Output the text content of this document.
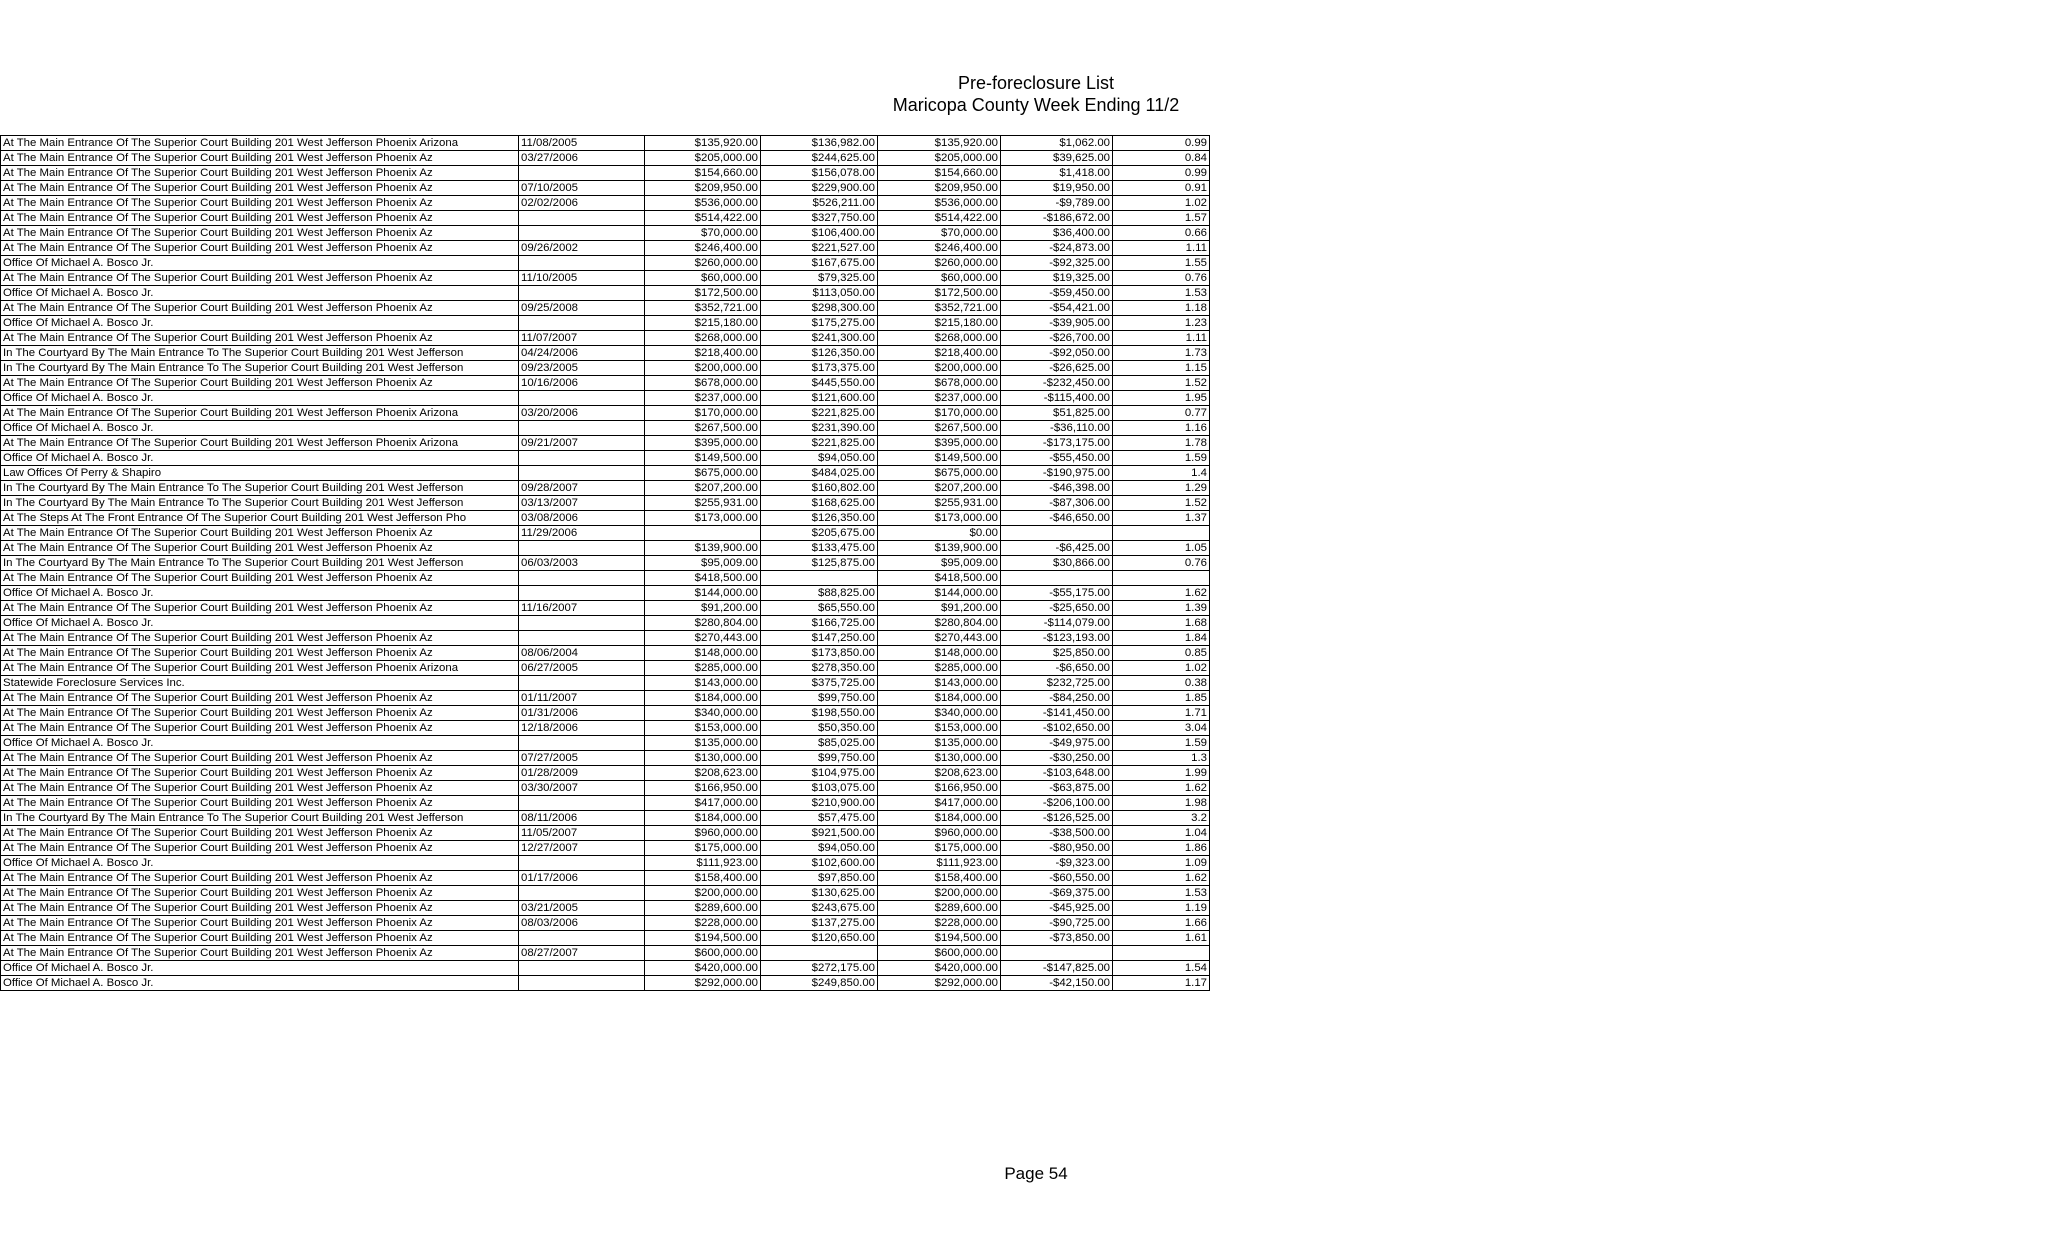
Pre-foreclosure List
Maricopa County Week Ending 11/2
At The Main Entrance Of The Superior Court Building 201 West Jefferson Phoenix Arizona	11/08/2005	$135,920.00	$136,982.00	$135,920.00	$1,062.00	0.99
At The Main Entrance Of The Superior Court Building 201 West Jefferson Phoenix Az	03/27/2006	$205,000.00	$244,625.00	$205,000.00	$39,625.00	0.84
At The Main Entrance Of The Superior Court Building 201 West Jefferson Phoenix Az		$154,660.00	$156,078.00	$154,660.00	$1,418.00	0.99
At The Main Entrance Of The Superior Court Building 201 West Jefferson Phoenix Az	07/10/2005	$209,950.00	$229,900.00	$209,950.00	$19,950.00	0.91
At The Main Entrance Of The Superior Court Building 201 West Jefferson Phoenix Az	02/02/2006	$536,000.00	$526,211.00	$536,000.00	-$9,789.00	1.02
At The Main Entrance Of The Superior Court Building 201 West Jefferson Phoenix Az		$514,422.00	$327,750.00	$514,422.00	-$186,672.00	1.57
At The Main Entrance Of The Superior Court Building 201 West Jefferson Phoenix Az		$70,000.00	$106,400.00	$70,000.00	$36,400.00	0.66
At The Main Entrance Of The Superior Court Building 201 West Jefferson Phoenix Az	09/26/2002	$246,400.00	$221,527.00	$246,400.00	-$24,873.00	1.11
Office Of Michael A. Bosco Jr.		$260,000.00	$167,675.00	$260,000.00	-$92,325.00	1.55
At The Main Entrance Of The Superior Court Building 201 West Jefferson Phoenix Az	11/10/2005	$60,000.00	$79,325.00	$60,000.00	$19,325.00	0.76
Office Of Michael A. Bosco Jr.		$172,500.00	$113,050.00	$172,500.00	-$59,450.00	1.53
At The Main Entrance Of The Superior Court Building 201 West Jefferson Phoenix Az	09/25/2008	$352,721.00	$298,300.00	$352,721.00	-$54,421.00	1.18
Office Of Michael A. Bosco Jr.		$215,180.00	$175,275.00	$215,180.00	-$39,905.00	1.23
At The Main Entrance Of The Superior Court Building 201 West Jefferson Phoenix Az	11/07/2007	$268,000.00	$241,300.00	$268,000.00	-$26,700.00	1.11
In The Courtyard By The Main Entrance To The Superior Court Building 201 West Jefferson	04/24/2006	$218,400.00	$126,350.00	$218,400.00	-$92,050.00	1.73
In The Courtyard By The Main Entrance To The Superior Court Building 201 West Jefferson	09/23/2005	$200,000.00	$173,375.00	$200,000.00	-$26,625.00	1.15
At The Main Entrance Of The Superior Court Building 201 West Jefferson Phoenix Az	10/16/2006	$678,000.00	$445,550.00	$678,000.00	-$232,450.00	1.52
Office Of Michael A. Bosco Jr.		$237,000.00	$121,600.00	$237,000.00	-$115,400.00	1.95
At The Main Entrance Of The Superior Court Building 201 West Jefferson Phoenix Arizona	03/20/2006	$170,000.00	$221,825.00	$170,000.00	$51,825.00	0.77
Office Of Michael A. Bosco Jr.		$267,500.00	$231,390.00	$267,500.00	-$36,110.00	1.16
At The Main Entrance Of The Superior Court Building 201 West Jefferson Phoenix Arizona	09/21/2007	$395,000.00	$221,825.00	$395,000.00	-$173,175.00	1.78
Office Of Michael A. Bosco Jr.		$149,500.00	$94,050.00	$149,500.00	-$55,450.00	1.59
Law Offices Of Perry & Shapiro		$675,000.00	$484,025.00	$675,000.00	-$190,975.00	1.4
In The Courtyard By The Main Entrance To The Superior Court Building 201 West Jefferson	09/28/2007	$207,200.00	$160,802.00	$207,200.00	-$46,398.00	1.29
In The Courtyard By The Main Entrance To The Superior Court Building 201 West Jefferson	03/13/2007	$255,931.00	$168,625.00	$255,931.00	-$87,306.00	1.52
At The Steps At The Front Entrance Of The Superior Court Building 201 West Jefferson Pho	03/08/2006	$173,000.00	$126,350.00	$173,000.00	-$46,650.00	1.37
At The Main Entrance Of The Superior Court Building 201 West Jefferson Phoenix Az	11/29/2006		$205,675.00	$0.00		
At The Main Entrance Of The Superior Court Building 201 West Jefferson Phoenix Az		$139,900.00	$133,475.00	$139,900.00	-$6,425.00	1.05
In The Courtyard By The Main Entrance To The Superior Court Building 201 West Jefferson	06/03/2003	$95,009.00	$125,875.00	$95,009.00	$30,866.00	0.76
At The Main Entrance Of The Superior Court Building 201 West Jefferson Phoenix Az		$418,500.00		$418,500.00		
Office Of Michael A. Bosco Jr.		$144,000.00	$88,825.00	$144,000.00	-$55,175.00	1.62
At The Main Entrance Of The Superior Court Building 201 West Jefferson Phoenix Az	11/16/2007	$91,200.00	$65,550.00	$91,200.00	-$25,650.00	1.39
Office Of Michael A. Bosco Jr.		$280,804.00	$166,725.00	$280,804.00	-$114,079.00	1.68
At The Main Entrance Of The Superior Court Building 201 West Jefferson Phoenix Az		$270,443.00	$147,250.00	$270,443.00	-$123,193.00	1.84
At The Main Entrance Of The Superior Court Building 201 West Jefferson Phoenix Az	08/06/2004	$148,000.00	$173,850.00	$148,000.00	$25,850.00	0.85
At The Main Entrance Of The Superior Court Building 201 West Jefferson Phoenix Arizona	06/27/2005	$285,000.00	$278,350.00	$285,000.00	-$6,650.00	1.02
Statewide Foreclosure Services Inc.		$143,000.00	$375,725.00	$143,000.00	$232,725.00	0.38
At The Main Entrance Of The Superior Court Building 201 West Jefferson Phoenix Az	01/11/2007	$184,000.00	$99,750.00	$184,000.00	-$84,250.00	1.85
At The Main Entrance Of The Superior Court Building 201 West Jefferson Phoenix Az	01/31/2006	$340,000.00	$198,550.00	$340,000.00	-$141,450.00	1.71
At The Main Entrance Of The Superior Court Building 201 West Jefferson Phoenix Az	12/18/2006	$153,000.00	$50,350.00	$153,000.00	-$102,650.00	3.04
Office Of Michael A. Bosco Jr.		$135,000.00	$85,025.00	$135,000.00	-$49,975.00	1.59
At The Main Entrance Of The Superior Court Building 201 West Jefferson Phoenix Az	07/27/2005	$130,000.00	$99,750.00	$130,000.00	-$30,250.00	1.3
At The Main Entrance Of The Superior Court Building 201 West Jefferson Phoenix Az	01/28/2009	$208,623.00	$104,975.00	$208,623.00	-$103,648.00	1.99
At The Main Entrance Of The Superior Court Building 201 West Jefferson Phoenix Az	03/30/2007	$166,950.00	$103,075.00	$166,950.00	-$63,875.00	1.62
At The Main Entrance Of The Superior Court Building 201 West Jefferson Phoenix Az		$417,000.00	$210,900.00	$417,000.00	-$206,100.00	1.98
In The Courtyard By The Main Entrance To The Superior Court Building 201 West Jefferson	08/11/2006	$184,000.00	$57,475.00	$184,000.00	-$126,525.00	3.2
At The Main Entrance Of The Superior Court Building 201 West Jefferson Phoenix Az	11/05/2007	$960,000.00	$921,500.00	$960,000.00	-$38,500.00	1.04
At The Main Entrance Of The Superior Court Building 201 West Jefferson Phoenix Az	12/27/2007	$175,000.00	$94,050.00	$175,000.00	-$80,950.00	1.86
Office Of Michael A. Bosco Jr.		$111,923.00	$102,600.00	$111,923.00	-$9,323.00	1.09
At The Main Entrance Of The Superior Court Building 201 West Jefferson Phoenix Az	01/17/2006	$158,400.00	$97,850.00	$158,400.00	-$60,550.00	1.62
At The Main Entrance Of The Superior Court Building 201 West Jefferson Phoenix Az		$200,000.00	$130,625.00	$200,000.00	-$69,375.00	1.53
At The Main Entrance Of The Superior Court Building 201 West Jefferson Phoenix Az	03/21/2005	$289,600.00	$243,675.00	$289,600.00	-$45,925.00	1.19
At The Main Entrance Of The Superior Court Building 201 West Jefferson Phoenix Az	08/03/2006	$228,000.00	$137,275.00	$228,000.00	-$90,725.00	1.66
At The Main Entrance Of The Superior Court Building 201 West Jefferson Phoenix Az		$194,500.00	$120,650.00	$194,500.00	-$73,850.00	1.61
At The Main Entrance Of The Superior Court Building 201 West Jefferson Phoenix Az	08/27/2007	$600,000.00		$600,000.00		
Office Of Michael A. Bosco Jr.		$420,000.00	$272,175.00	$420,000.00	-$147,825.00	1.54
Office Of Michael A. Bosco Jr.		$292,000.00	$249,850.00	$292,000.00	-$42,150.00	1.17
Page 54
